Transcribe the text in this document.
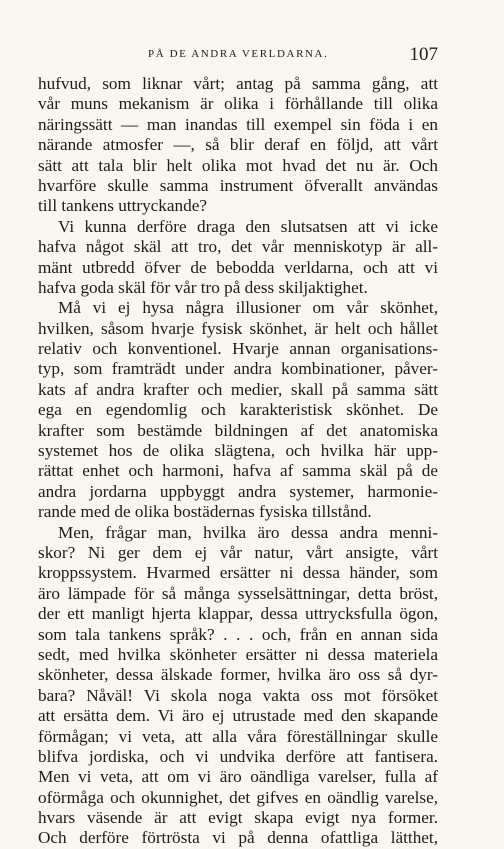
PÅ DE ANDRA VERLDARNA.	107
hufvud, som liknar vårt; antag på samma gång, att
vår muns mekanism är olika i förhållande till olika
näringssätt — man inandas till exempel sin föda i en
närande atmosfer —, så blir deraf en följd, att vårt
sätt att tala blir helt olika mot hvad det nu är. Och
hvarföre skulle samma instrument öfverallt användas
till tankens uttryckande?
Vi kunna derföre draga den slutsatsen att vi icke
hafva något skäl att tro, det vår menniskotyp är all-
mänt utbredd öfver de bebodda verldarna, och att vi
hafva goda skäl för vår tro på dess skiljaktighet.
Må vi ej hysa några illusioner om vår skönhet,
hvilken, såsom hvarje fysisk skönhet, är helt och hållet
relativ och konventionel. Hvarje annan organisations-
typ, som framträdt under andra kombinationer, påver-
kats af andra krafter och medier, skall på samma sätt
ega en egendomlig och karakteristisk skönhet. De
krafter som bestämde bildningen af det anatomiska
systemet hos de olika slägtena, och hvilka här upp-
rättat enhet och harmoni, hafva af samma skäl på de
andra jordarna uppbyggt andra systemer, harmonie-
rande med de olika bostädernas fysiska tillstånd.
Men, frågar man, hvilka äro dessa andra menni-
skor? Ni ger dem ej vår natur, vårt ansigte, vårt
kroppssystem. Hvarmed ersätter ni dessa händer, som
äro lämpade för så många sysselsättningar, detta bröst,
der ett manligt hjerta klappar, dessa uttrycksfulla ögon,
som tala tankens språk? . . . och, från en annan sida
sedt, med hvilka skönheter ersätter ni dessa materiela
skönheter, dessa älskade former, hvilka äro oss så dyr-
bara? Nåväl! Vi skola noga vakta oss mot försöket
att ersätta dem. Vi äro ej utrustade med den skapande
förmågan; vi veta, att alla våra föreställningar skulle
blifva jordiska, och vi undvika derföre att fantisera.
Men vi veta, att om vi äro oändliga varelser, fulla af
oförmåga och okunnighet, det gifves en oändlig varelse,
hvars väsende är att evigt skapa evigt nya former.
Och derföre förtrösta vi på denna ofattliga lätthet,
